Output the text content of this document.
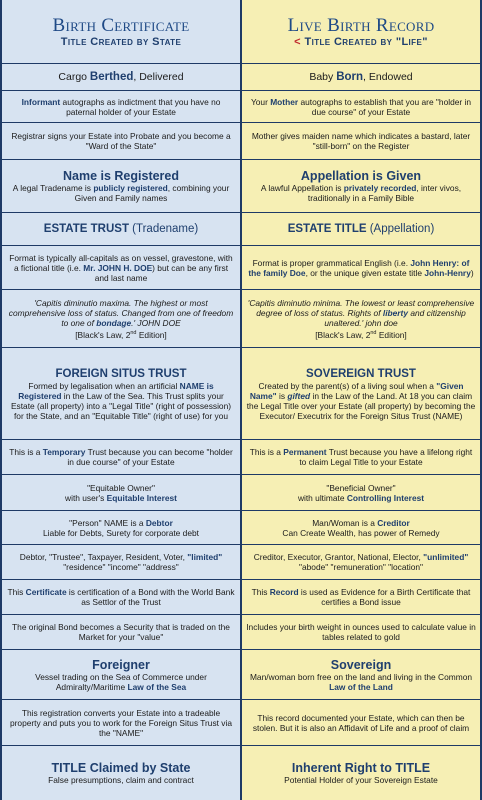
Birth Certificate
Title Created by State
Cargo Berthed, Delivered
Informant autographs as indictment that you have no paternal holder of your Estate
Registrar signs your Estate into Probate and you become a "Ward of the State"
Name is Registered
A legal Tradename is publicly registered, combining your Given and Family names
ESTATE TRUST (Tradename)
Format is typically all-capitals as on vessel, gravestone, with a fictional title (i.e. Mr. JOHN H. DOE) but can be any first and last name
'Capitis diminutio maxima. The highest or most comprehensive loss of status. Changed from one of freedom to one of bondage.' JOHN DOE
[Black's Law, 2nd Edition]
FOREIGN SITUS TRUST
Formed by legalisation when an artificial NAME is Registered in the Law of the Sea. This Trust splits your Estate (all property) into a "Legal Title" (right of possession) for the State, and an "Equitable Title" (right of use) for you
This is a Temporary Trust because you can become "holder in due course" of your Estate
"Equitable Owner"
with user's Equitable Interest
"Person" NAME is a Debtor
Liable for Debts, Surety for corporate debt
Debtor, "Trustee", Taxpayer, Resident, Voter, "limited" "residence" "income" "address"
This Certificate is certification of a Bond with the World Bank as Settlor of the Trust
The original Bond becomes a Security that is traded on the Market for your "value"
Foreigner
Vessel trading on the Sea of Commerce under Admiralty/Maritime Law of the Sea
This registration converts your Estate into a tradeable property and puts you to work for the Foreign Situs Trust via the "NAME"
TITLE Claimed by State
False presumptions, claim and contract
Live Birth Record
< Title Created by "Life"
Baby Born, Endowed
Your Mother autographs to establish that you are "holder in due course" of your Estate
Mother gives maiden name which indicates a bastard, later "still-born" on the Register
Appellation is Given
A lawful Appellation is privately recorded, inter vivos, traditionally in a Family Bible
ESTATE TITLE (Appellation)
Format is proper grammatical English (i.e. John Henry: of the family Doe, or the unique given estate title John-Henry)
'Capitis diminutio minima. The lowest or least comprehensive degree of loss of status. Rights of liberty and citizenship unaltered.' john doe
[Black's Law, 2nd Edition]
SOVEREIGN TRUST
Created by the parent(s) of a living soul when a "Given Name" is gifted in the Law of the Land. At 18 you can claim the Legal Title over your Estate (all property) by becoming the Executor/ Executrix for the Foreign Situs Trust (NAME)
This is a Permanent Trust because you have a lifelong right to claim Legal Title to your Estate
"Beneficial Owner"
with ultimate Controlling Interest
Man/Woman is a Creditor
Can Create Wealth, has power of Remedy
Creditor, Executor, Grantor, National, Elector, "unlimited" "abode" "remuneration" "location"
This Record is used as Evidence for a Birth Certificate that certifies a Bond issue
Includes your birth weight in ounces used to calculate value in tables related to gold
Sovereign
Man/woman born free on the land and living in the Common Law of the Land
This record documented your Estate, which can then be stolen. But it is also an Affidavit of Life and a proof of claim
Inherent Right to TITLE
Potential Holder of your Sovereign Estate
